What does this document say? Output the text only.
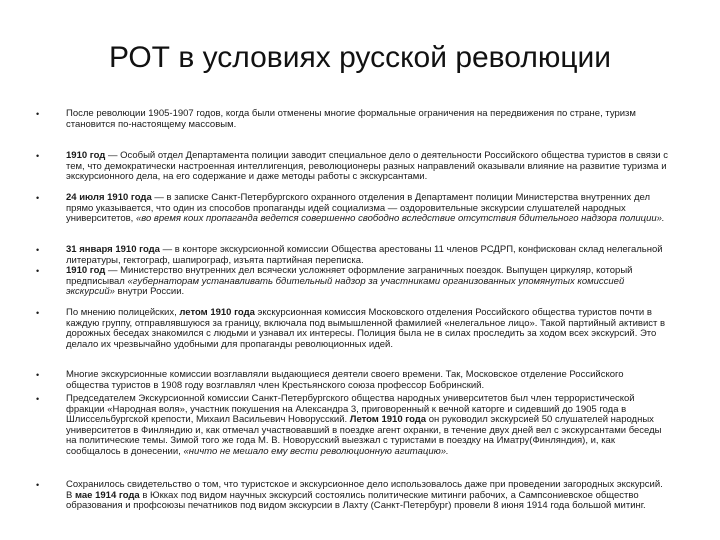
РОТ в условиях русской революции
•	После революции 1905-1907 годов, когда были отменены многие формальные ограничения на передвижения по стране, туризм становится по-настоящему массовым.
•	1910 год — Особый отдел Департамента полиции заводит специальное дело о деятельности Российского общества туристов в связи с тем, что демократически настроенная интеллигенция, революционеры разных направлений оказывали влияние на развитие туризма и экскурсионного дела, на его содержание и даже методы работы с экскурсантами.
•	24 июля 1910 года — в записке Санкт-Петербургского охранного отделения в Департамент полиции Министерства внутренних дел прямо указывается, что один из способов пропаганды идей социализма — оздоровительные экскурсии слушателей народных университетов, «во время коих пропаганда ведется совершенно свободно вследствие отсутствия бдительного надзора полиции».
•	31 января 1910 года — в конторе экскурсионной комиссии Общества арестованы 11 членов РСДРП, конфискован склад нелегальной литературы, гектограф, шапирограф, изъята партийная переписка.
•	1910 год — Министерство внутренних дел всячески усложняет оформление заграничных поездок. Выпущен циркуляр, который предписывал «губернаторам устанавливать бдительный надзор за участниками организованных упомянутых комиссией экскурсий» внутри России.
•	По мнению полицейских, летом 1910 года экскурсионная комиссия Московского отделения Российского общества туристов почти в каждую группу, отправлявшуюся за границу, включала под вымышленной фамилией «нелегальное лицо». Такой партийный активист в дорожных беседах знакомился с людьми и узнавал их интересы. Полиция была не в силах проследить за ходом всех экскурсий. Это делало их чрезвычайно удобными для пропаганды революционных идей.
•	Многие экскурсионные комиссии возглавляли выдающиеся деятели своего времени. Так, Московское отделение Российского общества туристов в 1908 году возглавлял член Крестьянского союза профессор Бобринский.
•	Председателем Экскурсионной комиссии Санкт-Петербургского общества народных университетов был член террористической фракции «Народная воля», участник покушения на Александра 3, приговоренный к вечной каторге и сидевший до 1905 года в Шлиссельбургской крепости, Михаил Васильевич Новорусский. Летом 1910 года он руководил экскурсией 50 слушателей народных университетов в Финляндию и, как отмечал участвовавший в поездке агент охранки, в течение двух дней вел с экскурсантами беседы на политические темы. Зимой того же года М. В. Новорусский выезжал с туристами в поездку на Иматру(Финляндия), и, как сообщалось в донесении, «ничто не мешало ему вести революционную агитацию».
•	Сохранилось свидетельство о том, что туристское и экскурсионное дело использовалось даже при проведении загородных экскурсий. В мае 1914 года в Юкках под видом научных экскурсий состоялись политические митинги рабочих, а Сампсониевское общество образования и профсоюзы печатников под видом экскурсии в Лахту (Санкт-Петербург) провели 8 июня 1914 года большой митинг.
